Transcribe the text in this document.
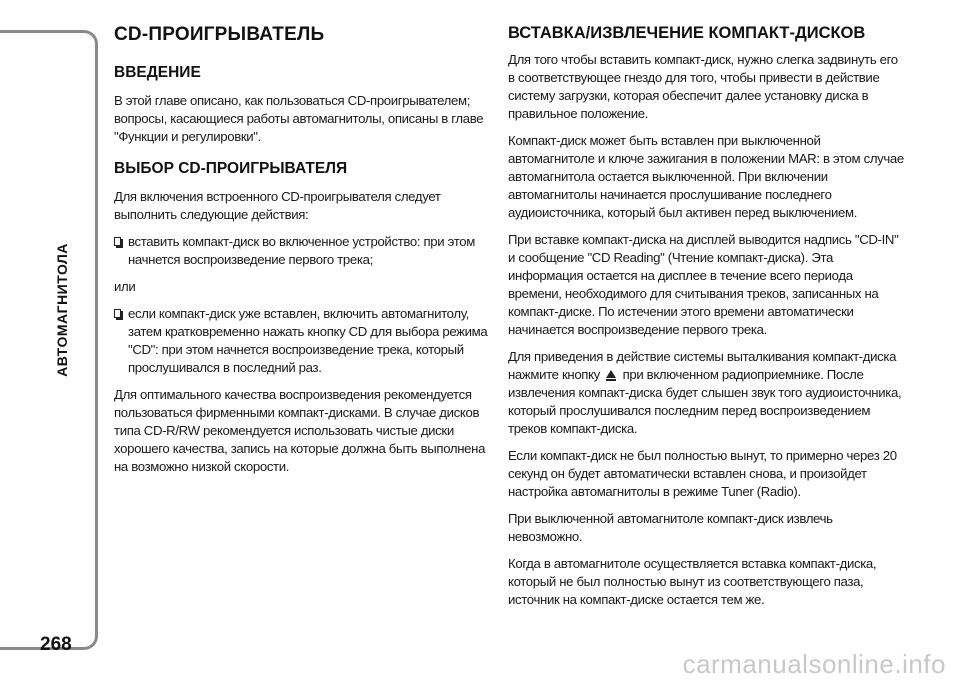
АВТОМАГНИТОЛА
268
CD-ПРОИГРЫВАТЕЛЬ
ВВЕДЕНИЕ

В этой главе описано, как пользоваться CD-проигрывателем; вопросы, касающиеся работы автомагнитолы, описаны в главе "Функции и регулировки".

ВЫБОР CD-ПРОИГРЫВАТЕЛЯ

Для включения встроенного CD-проигрывателя следует выполнить следующие действия:

вставить компакт-диск во включенное устройство: при этом начнется воспроизведение первого трека;

или

если компакт-диск уже вставлен, включить автомагнитолу, затем кратковременно нажать кнопку CD для выбора режима "CD": при этом начнется воспроизведение трека, который прослушивался в последний раз.

Для оптимального качества воспроизведения рекомендуется пользоваться фирменными компакт-дисками. В случае дисков типа CD-R/RW рекомендуется использовать чистые диски хорошего качества, запись на которые должна быть выполнена на возможно низкой скорости.

ВСТАВКА/ИЗВЛЕЧЕНИЕ КОМПАКТ-ДИСКОВ

Для того чтобы вставить компакт-диск, нужно слегка задвинуть его в соответствующее гнездо для того, чтобы привести в действие систему загрузки, которая обеспечит далее установку диска в правильное положение.

Компакт-диск может быть вставлен при выключенной автомагнитоле и ключе зажигания в положении MAR: в этом случае автомагнитола остается выключенной. При включении автомагнитолы начинается прослушивание последнего аудиоисточника, который был активен перед выключением.

При вставке компакт-диска на дисплей выводится надпись "CD-IN" и сообщение "CD Reading" (Чтение компакт-диска). Эта информация остается на дисплее в течение всего периода времени, необходимого для считывания треков, записанных на компакт-диске. По истечении этого времени автоматически начинается воспроизведение первого трека.

Для приведения в действие системы выталкивания компакт-диска нажмите кнопку при включенном радиоприемнике. После извлечения компакт-диска будет слышен звук того аудиоисточника, который прослушивался последним перед воспроизведением треков компакт-диска.

Если компакт-диск не был полностью вынут, то примерно через 20 секунд он будет автоматически вставлен снова, и произойдет настройка автомагнитолы в режиме Tuner (Radio).

При выключенной автомагнитоле компакт-диск извлечь невозможно.

Когда в автомагнитоле осуществляется вставка компакт-диска, который не был полностью вынут из соответствующего паза, источник на компакт-диске остается тем же.

carmanualsonline.info
